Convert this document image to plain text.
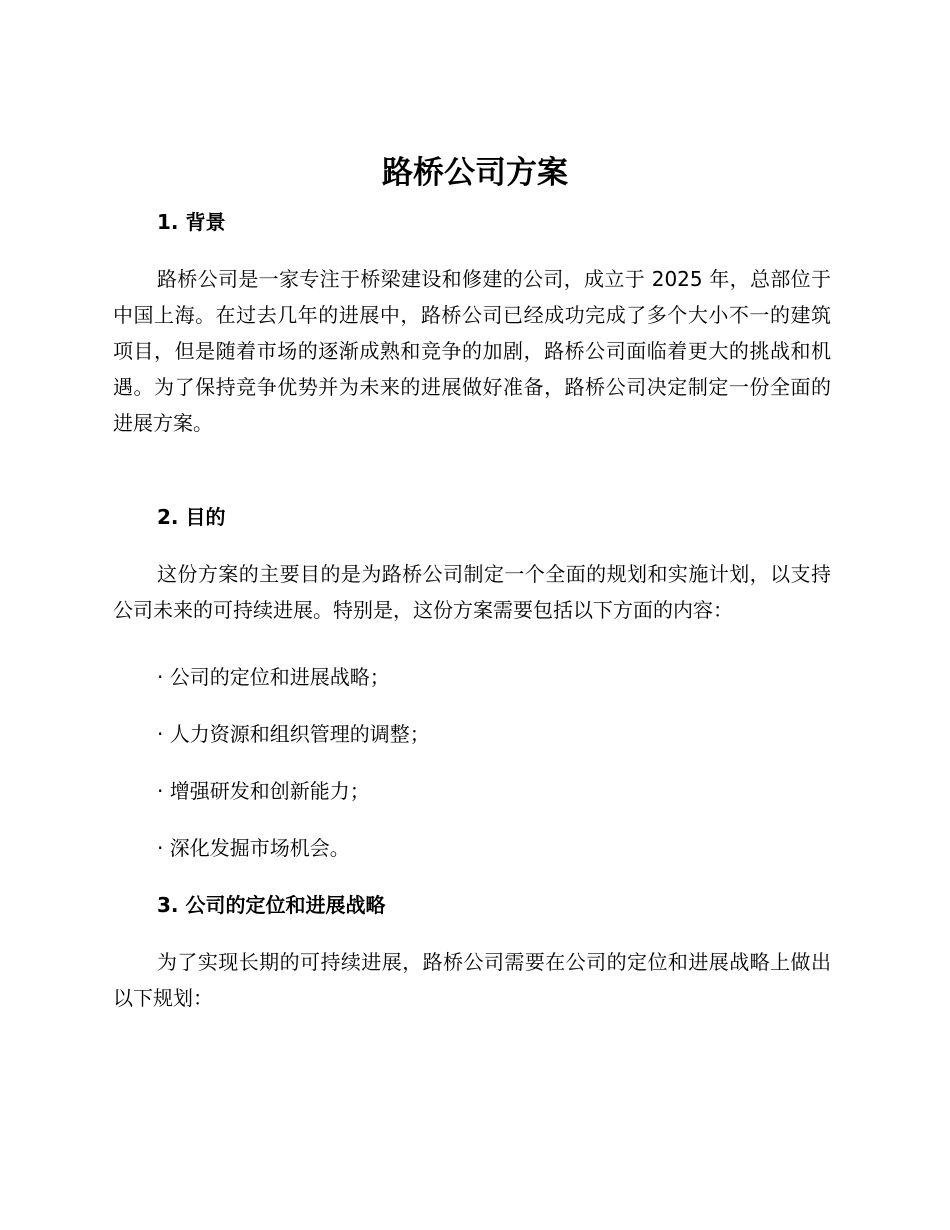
路桥公司方案
1. 背景

路桥公司是一家专注于桥梁建设和修建的公司，成立于 2025 年，总部位于中国上海。在过去几年的进展中，路桥公司已经成功完成了多个大小不一的建筑项目，但是随着市场的逐渐成熟和竞争的加剧，路桥公司面临着更大的挑战和机遇。为了保持竞争优势并为未来的进展做好准备，路桥公司决定制定一份全面的进展方案。

2. 目的

这份方案的主要目的是为路桥公司制定一个全面的规划和实施计划，以支持公司未来的可持续进展。特别是，这份方案需要包括以下方面的内容：

· 公司的定位和进展战略；
· 人力资源和组织管理的调整；
· 增强研发和创新能力；
· 深化发掘市场机会。
3. 公司的定位和进展战略

为了实现长期的可持续进展，路桥公司需要在公司的定位和进展战略上做出以下规划：
